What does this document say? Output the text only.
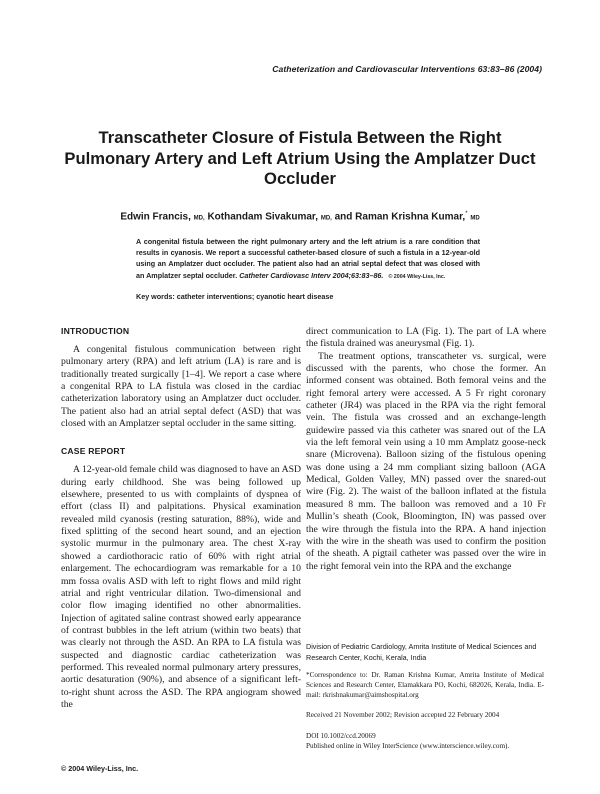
Catheterization and Cardiovascular Interventions 63:83–86 (2004)
Transcatheter Closure of Fistula Between the Right Pulmonary Artery and Left Atrium Using the Amplatzer Duct Occluder
Edwin Francis, MD, Kothandam Sivakumar, MD, and Raman Krishna Kumar,* MD
A congenital fistula between the right pulmonary artery and the left atrium is a rare condition that results in cyanosis. We report a successful catheter-based closure of such a fistula in a 12-year-old using an Amplatzer duct occluder. The patient also had an atrial septal defect that was closed with an Amplatzer septal occluder. Catheter Cardiovasc Interv 2004;63:83–86. © 2004 Wiley-Liss, Inc.
Key words: catheter interventions; cyanotic heart disease
INTRODUCTION

A congenital fistulous communication between right pulmonary artery (RPA) and left atrium (LA) is rare and is traditionally treated surgically [1–4]. We report a case where a congenital RPA to LA fistula was closed in the cardiac catheterization laboratory using an Amplatzer duct occluder. The patient also had an atrial septal defect (ASD) that was closed with an Amplatzer septal occluder in the same sitting.

CASE REPORT

A 12-year-old female child was diagnosed to have an ASD during early childhood. She was being followed up elsewhere, presented to us with complaints of dyspnea of effort (class II) and palpitations. Physical examination revealed mild cyanosis (resting saturation, 88%), wide and fixed splitting of the second heart sound, and an ejection systolic murmur in the pulmonary area. The chest X-ray showed a cardiothoracic ratio of 60% with right atrial enlargement. The echocardiogram was remarkable for a 10 mm fossa ovalis ASD with left to right flows and mild right atrial and right ventricular dilation. Two-dimensional and color flow imaging identified no other abnormalities. Injection of agitated saline contrast showed early appearance of contrast bubbles in the left atrium (within two beats) that was clearly not through the ASD. An RPA to LA fistula was suspected and diagnostic cardiac catheterization was performed. This revealed normal pulmonary artery pressures, aortic desaturation (90%), and absence of a significant left-to-right shunt across the ASD. The RPA angiogram showed the

direct communication to LA (Fig. 1). The part of LA where the fistula drained was aneurysmal (Fig. 1).

The treatment options, transcatheter vs. surgical, were discussed with the parents, who chose the former. An informed consent was obtained. Both femoral veins and the right femoral artery were accessed. A 5 Fr right coronary catheter (JR4) was placed in the RPA via the right femoral vein. The fistula was crossed and an exchange-length guidewire passed via this catheter was snared out of the LA via the left femoral vein using a 10 mm Amplatz goose-neck snare (Microvena). Balloon sizing of the fistulous opening was done using a 24 mm compliant sizing balloon (AGA Medical, Golden Valley, MN) passed over the snared-out wire (Fig. 2). The waist of the balloon inflated at the fistula measured 8 mm. The balloon was removed and a 10 Fr Mullin’s sheath (Cook, Bloomington, IN) was passed over the wire through the fistula into the RPA. A hand injection with the wire in the sheath was used to confirm the position of the sheath. A pigtail catheter was passed over the wire in the right femoral vein into the RPA and the exchange

Division of Pediatric Cardiology, Amrita Institute of Medical Sciences and Research Center, Kochi, Kerala, India
*Correspondence to: Dr. Raman Krishna Kumar, Amrita Institute of Medical Sciences and Research Center, Elamakkara PO, Kochi, 682026, Kerala, India. E-mail: rkrishnakumar@aimshospital.org
Received 21 November 2002; Revision accepted 22 February 2004
DOI 10.1002/ccd.20069
Published online in Wiley InterScience (www.interscience.wiley.com).
© 2004 Wiley-Liss, Inc.
